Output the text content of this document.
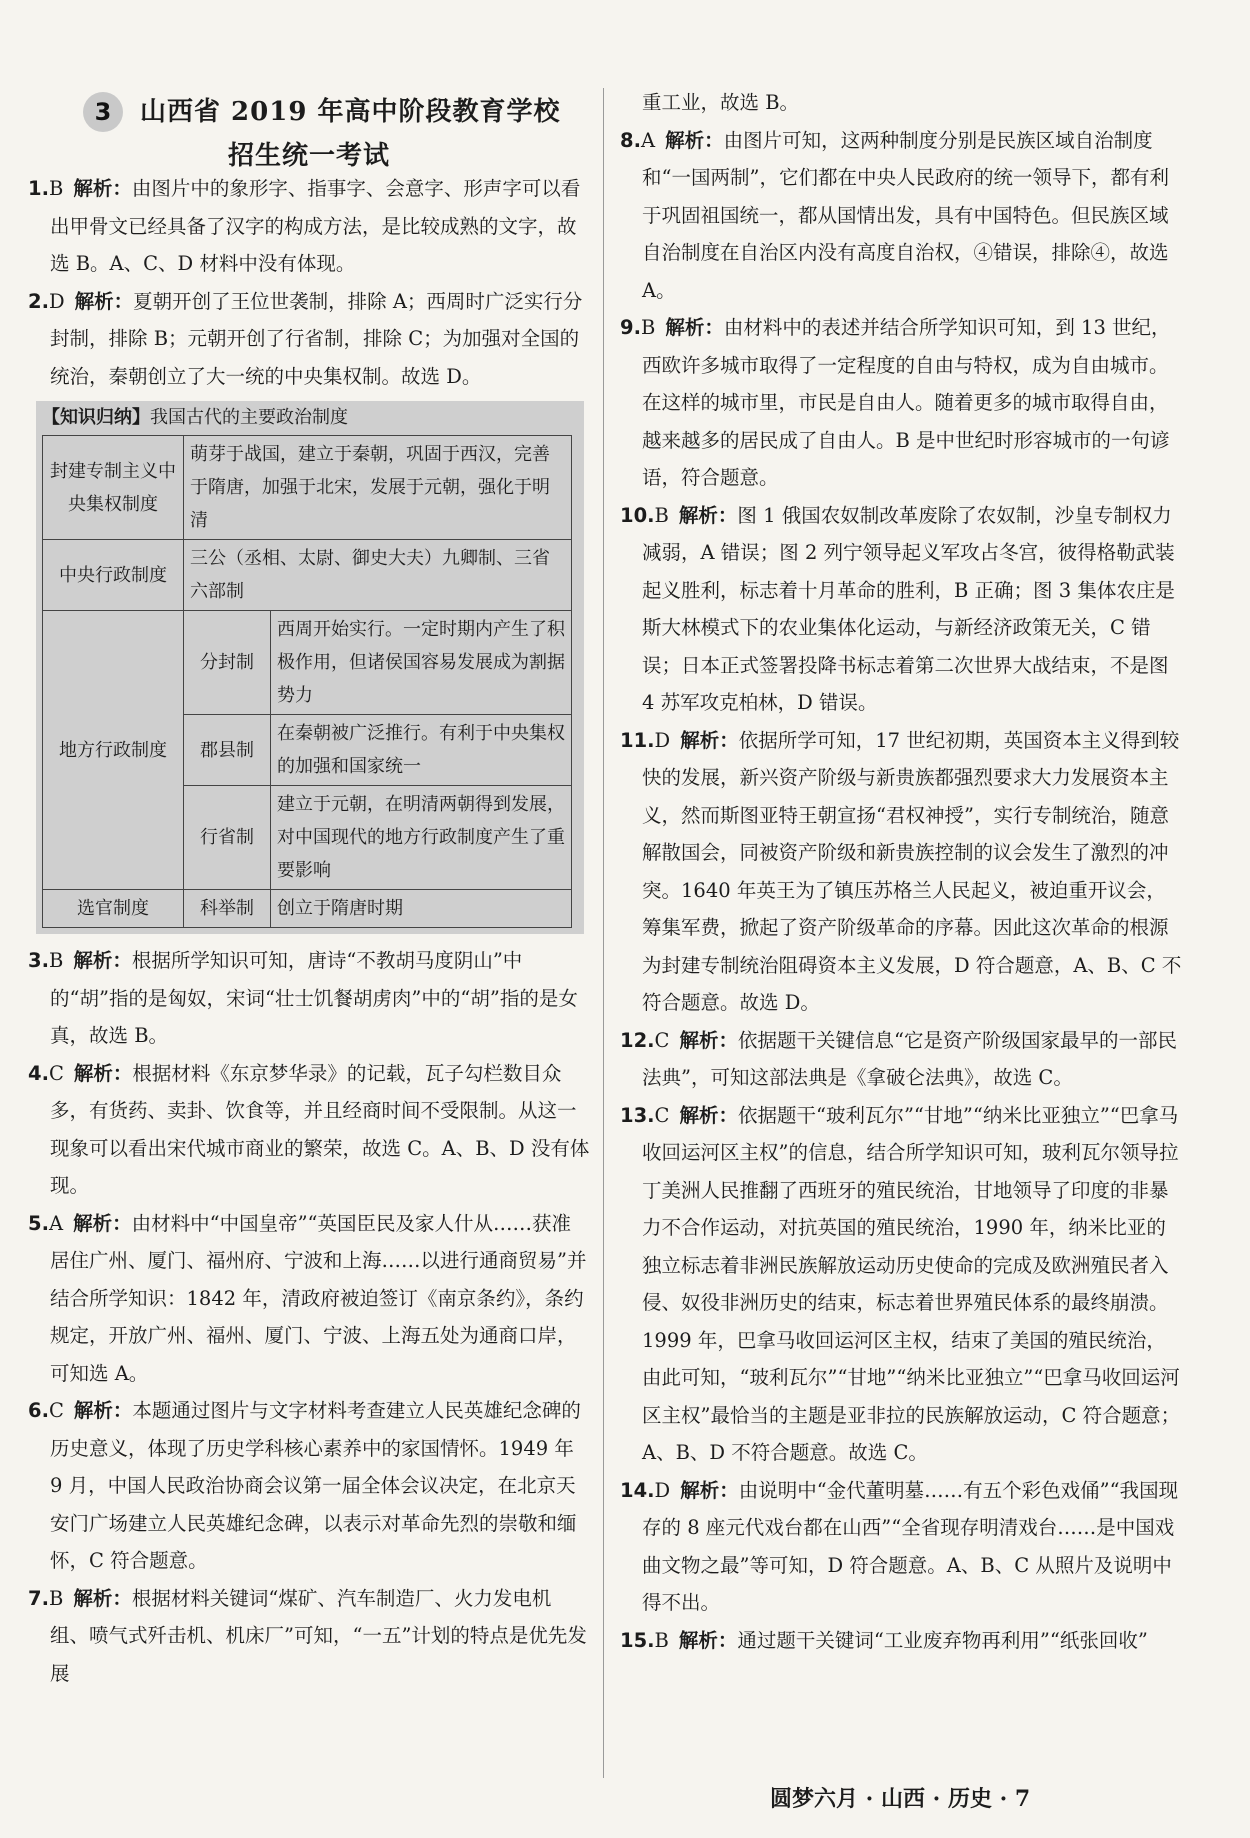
3	山西省 2019 年高中阶段教育学校
招生统一考试

1.B 解析：由图片中的象形字、指事字、会意字、形声字可以看出甲骨文已经具备了汉字的构成方法，是比较成熟的文字，故选 B。A、C、D 材料中没有体现。

2.D 解析：夏朝开创了王位世袭制，排除 A；西周时广泛实行分封制，排除 B；元朝开创了行省制，排除 C；为加强对全国的统治，秦朝创立了大一统的中央集权制。故选 D。

【知识归纳】我国古代的主要政治制度
封建专制主义中央集权制度	萌芽于战国，建立于秦朝，巩固于西汉，完善于隋唐，加强于北宋，发展于元朝，强化于明清	
中央行政制度	三公（丞相、太尉、御史大夫）九卿制、三省六部制	
地方行政制度	分封制	西周开始实行。一定时期内产生了积极作用，但诸侯国容易发展成为割据势力
	郡县制	在秦朝被广泛推行。有利于中央集权的加强和国家统一
	行省制	建立于元朝，在明清两朝得到发展，对中国现代的地方行政制度产生了重要影响
选官制度	科举制	创立于隋唐时期

3.B 解析：根据所学知识可知，唐诗“不教胡马度阴山”中的“胡”指的是匈奴，宋词“壮士饥餐胡虏肉”中的“胡”指的是女真，故选 B。

4.C 解析：根据材料《东京梦华录》的记载，瓦子勾栏数目众多，有货药、卖卦、饮食等，并且经商时间不受限制。从这一现象可以看出宋代城市商业的繁荣，故选 C。A、B、D 没有体现。

5.A 解析：由材料中“中国皇帝”“英国臣民及家人什从……获准居住广州、厦门、福州府、宁波和上海……以进行通商贸易”并结合所学知识：1842 年，清政府被迫签订《南京条约》，条约规定，开放广州、福州、厦门、宁波、上海五处为通商口岸，可知选 A。

6.C 解析：本题通过图片与文字材料考查建立人民英雄纪念碑的历史意义，体现了历史学科核心素养中的家国情怀。1949 年 9 月，中国人民政治协商会议第一届全体会议决定，在北京天安门广场建立人民英雄纪念碑，以表示对革命先烈的崇敬和缅怀，C 符合题意。

7.B 解析：根据材料关键词“煤矿、汽车制造厂、火力发电机组、喷气式歼击机、机床厂”可知，“一五”计划的特点是优先发展

重工业，故选 B。

8.A 解析：由图片可知，这两种制度分别是民族区域自治制度和“一国两制”，它们都在中央人民政府的统一领导下，都有利于巩固祖国统一，都从国情出发，具有中国特色。但民族区域自治制度在自治区内没有高度自治权，④错误，排除④，故选 A。

9.B 解析：由材料中的表述并结合所学知识可知，到 13 世纪，西欧许多城市取得了一定程度的自由与特权，成为自由城市。在这样的城市里，市民是自由人。随着更多的城市取得自由，越来越多的居民成了自由人。B 是中世纪时形容城市的一句谚语，符合题意。

10.B 解析：图 1 俄国农奴制改革废除了农奴制，沙皇专制权力减弱，A 错误；图 2 列宁领导起义军攻占冬宫，彼得格勒武装起义胜利，标志着十月革命的胜利，B 正确；图 3 集体农庄是斯大林模式下的农业集体化运动，与新经济政策无关，C 错误；日本正式签署投降书标志着第二次世界大战结束，不是图 4 苏军攻克柏林，D 错误。

11.D 解析：依据所学可知，17 世纪初期，英国资本主义得到较快的发展，新兴资产阶级与新贵族都强烈要求大力发展资本主义，然而斯图亚特王朝宣扬“君权神授”，实行专制统治，随意解散国会，同被资产阶级和新贵族控制的议会发生了激烈的冲突。1640 年英王为了镇压苏格兰人民起义，被迫重开议会，筹集军费，掀起了资产阶级革命的序幕。因此这次革命的根源为封建专制统治阻碍资本主义发展，D 符合题意，A、B、C 不符合题意。故选 D。

12.C 解析：依据题干关键信息“它是资产阶级国家最早的一部民法典”，可知这部法典是《拿破仑法典》，故选 C。

13.C 解析：依据题干“玻利瓦尔”“甘地”“纳米比亚独立”“巴拿马收回运河区主权”的信息，结合所学知识可知，玻利瓦尔领导拉丁美洲人民推翻了西班牙的殖民统治，甘地领导了印度的非暴力不合作运动，对抗英国的殖民统治，1990 年，纳米比亚的独立标志着非洲民族解放运动历史使命的完成及欧洲殖民者入侵、奴役非洲历史的结束，标志着世界殖民体系的最终崩溃。1999 年，巴拿马收回运河区主权，结束了美国的殖民统治，由此可知，“玻利瓦尔”“甘地”“纳米比亚独立”“巴拿马收回运河区主权”最恰当的主题是亚非拉的民族解放运动，C 符合题意；A、B、D 不符合题意。故选 C。

14.D 解析：由说明中“金代董明墓……有五个彩色戏俑”“我国现存的 8 座元代戏台都在山西”“全省现存明清戏台……是中国戏曲文物之最”等可知，D 符合题意。A、B、C 从照片及说明中得不出。

15.B 解析：通过题干关键词“工业废弃物再利用”“纸张回收”

圆梦六月 · 山西 · 历史 · 7
